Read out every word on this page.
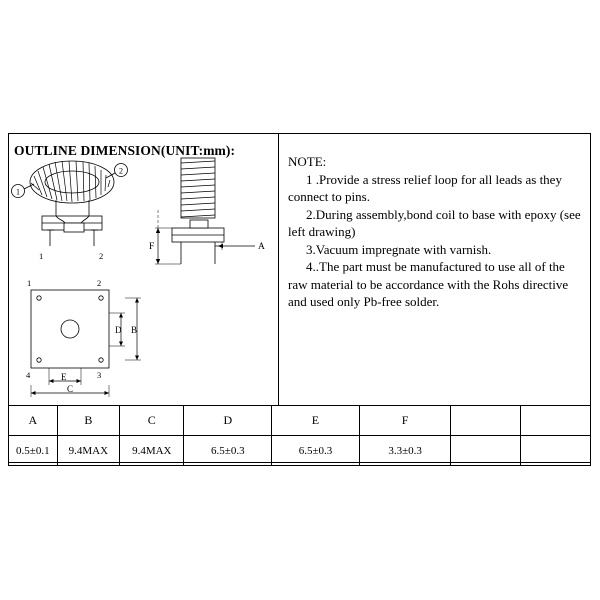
OUTLINE DIMENSION(UNIT:mm):
1
2
1	2
F	A
1	2
3
4
D B
E
C
NOTE:
1 .Provide a stress relief loop for all leads as they connect to pins.
2.During assembly,bond coil to base with epoxy (see left drawing)
3.Vacuum impregnate with varnish.
4..The part must be manufactured to use all of the raw material to be accordance with the Rohs directive and used only Pb-free solder.
A	B	C	D	E	F		
0.5±0.1	9.4MAX	9.4MAX	6.5±0.3	6.5±0.3	3.3±0.3		
